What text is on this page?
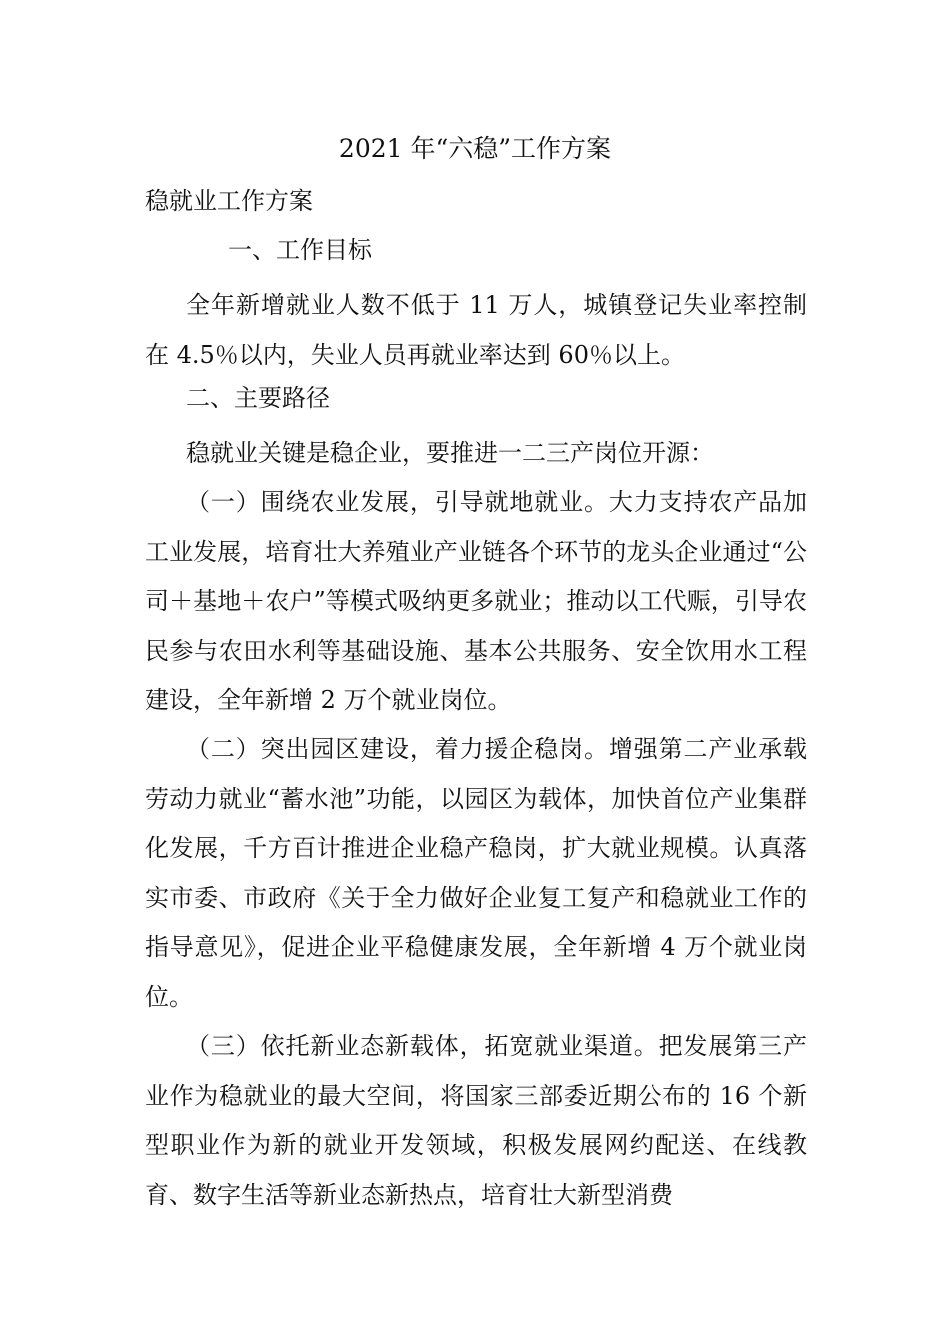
2021 年“六稳”工作方案
稳就业工作方案
一、工作目标
全年新增就业人数不低于 11 万人，城镇登记失业率控制在 4.5％以内，失业人员再就业率达到 60％以上。
二、主要路径
稳就业关键是稳企业，要推进一二三产岗位开源：
（一）围绕农业发展，引导就地就业。大力支持农产品加工业发展，培育壮大养殖业产业链各个环节的龙头企业通过“公司＋基地＋农户”等模式吸纳更多就业；推动以工代赈，引导农民参与农田水利等基础设施、基本公共服务、安全饮用水工程建设，全年新增 2 万个就业岗位。
（二）突出园区建设，着力援企稳岗。增强第二产业承载劳动力就业“蓄水池”功能，以园区为载体，加快首位产业集群化发展，千方百计推进企业稳产稳岗，扩大就业规模。认真落实市委、市政府《关于全力做好企业复工复产和稳就业工作的指导意见》，促进企业平稳健康发展，全年新增 4 万个就业岗位。
（三）依托新业态新载体，拓宽就业渠道。把发展第三产业作为稳就业的最大空间，将国家三部委近期公布的 16 个新型职业作为新的就业开发领域，积极发展网约配送、在线教育、数字生活等新业态新热点，培育壮大新型消费
